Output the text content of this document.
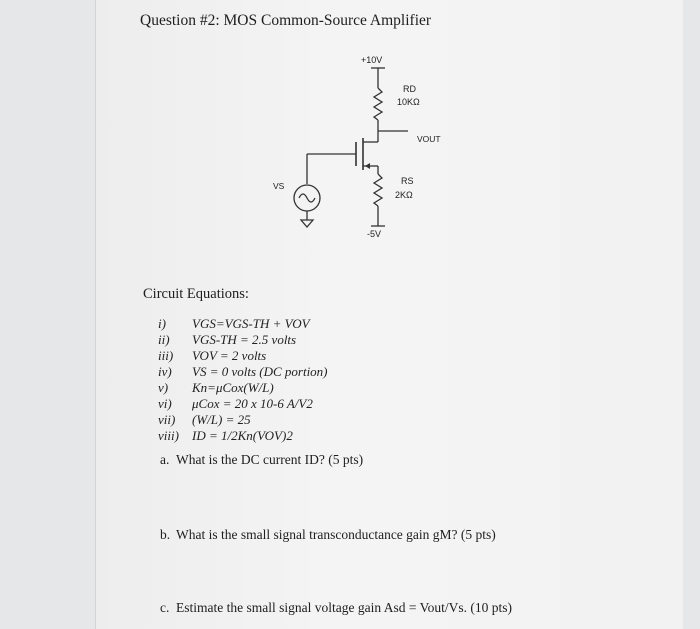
Question #2: MOS Common-Source Amplifier
+10V
RD
10KΩ
VOUT
VS	RS
2KΩ
-5V
Circuit Equations:
i) VGS=VGS-TH + VOV
ii) VGS-TH = 2.5 volts
iii) VOV = 2 volts
iv) VS = 0 volts (DC portion)
v) Kn=μCox(W/L)
vi) μCox = 20 x 10-6 A/V2
vii) (W/L) = 25
viii) ID = 1/2Kn(VOV)2
a. What is the DC current ID? (5 pts)
b. What is the small signal transconductance gain gM? (5 pts)
c. Estimate the small signal voltage gain Asd = Vout/Vs. (10 pts)
